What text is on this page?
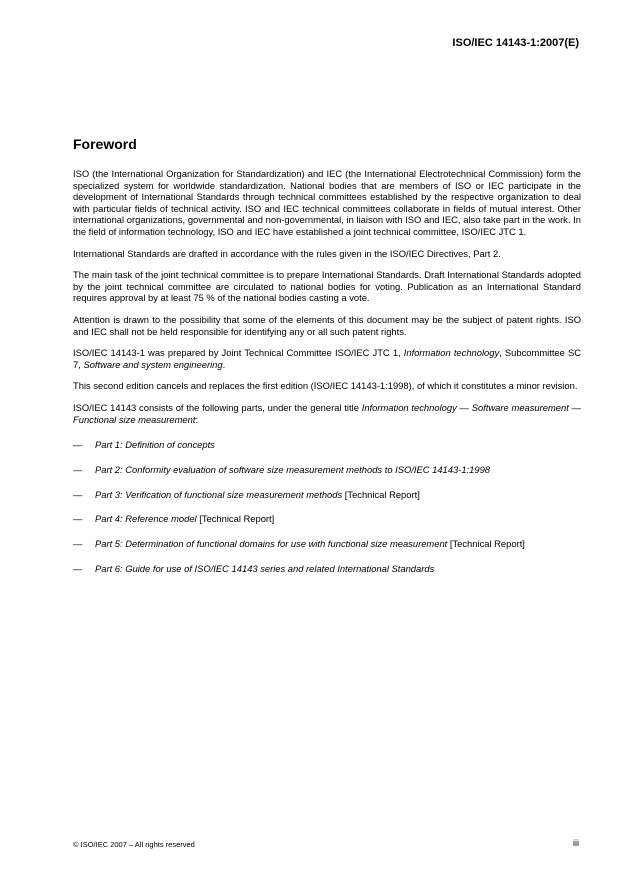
ISO/IEC 14143-1:2007(E)
Foreword

ISO (the International Organization for Standardization) and IEC (the International Electrotechnical Commission) form the specialized system for worldwide standardization. National bodies that are members of ISO or IEC participate in the development of International Standards through technical committees established by the respective organization to deal with particular fields of technical activity. ISO and IEC technical committees collaborate in fields of mutual interest. Other international organizations, governmental and non-governmental, in liaison with ISO and IEC, also take part in the work. In the field of information technology, ISO and IEC have established a joint technical committee, ISO/IEC JTC 1.

International Standards are drafted in accordance with the rules given in the ISO/IEC Directives, Part 2.

The main task of the joint technical committee is to prepare International Standards. Draft International Standards adopted by the joint technical committee are circulated to national bodies for voting. Publication as an International Standard requires approval by at least 75 % of the national bodies casting a vote.

Attention is drawn to the possibility that some of the elements of this document may be the subject of patent rights. ISO and IEC shall not be held responsible for identifying any or all such patent rights.

ISO/IEC 14143-1 was prepared by Joint Technical Committee ISO/IEC JTC 1, Information technology, Subcommittee SC 7, Software and system engineering.

This second edition cancels and replaces the first edition (ISO/IEC 14143-1:1998), of which it constitutes a minor revision.

ISO/IEC 14143 consists of the following parts, under the general title Information technology — Software measurement — Functional size measurement:

—	Part 1: Definition of concepts
—	Part 2: Conformity evaluation of software size measurement methods to ISO/IEC 14143-1:1998
—	Part 3: Verification of functional size measurement methods [Technical Report]
—	Part 4: Reference model [Technical Report]
—	Part 5: Determination of functional domains for use with functional size measurement [Technical Report]
—	Part 6: Guide for use of ISO/IEC 14143 series and related International Standards
© ISO/IEC 2007 – All rights reserved	iii
